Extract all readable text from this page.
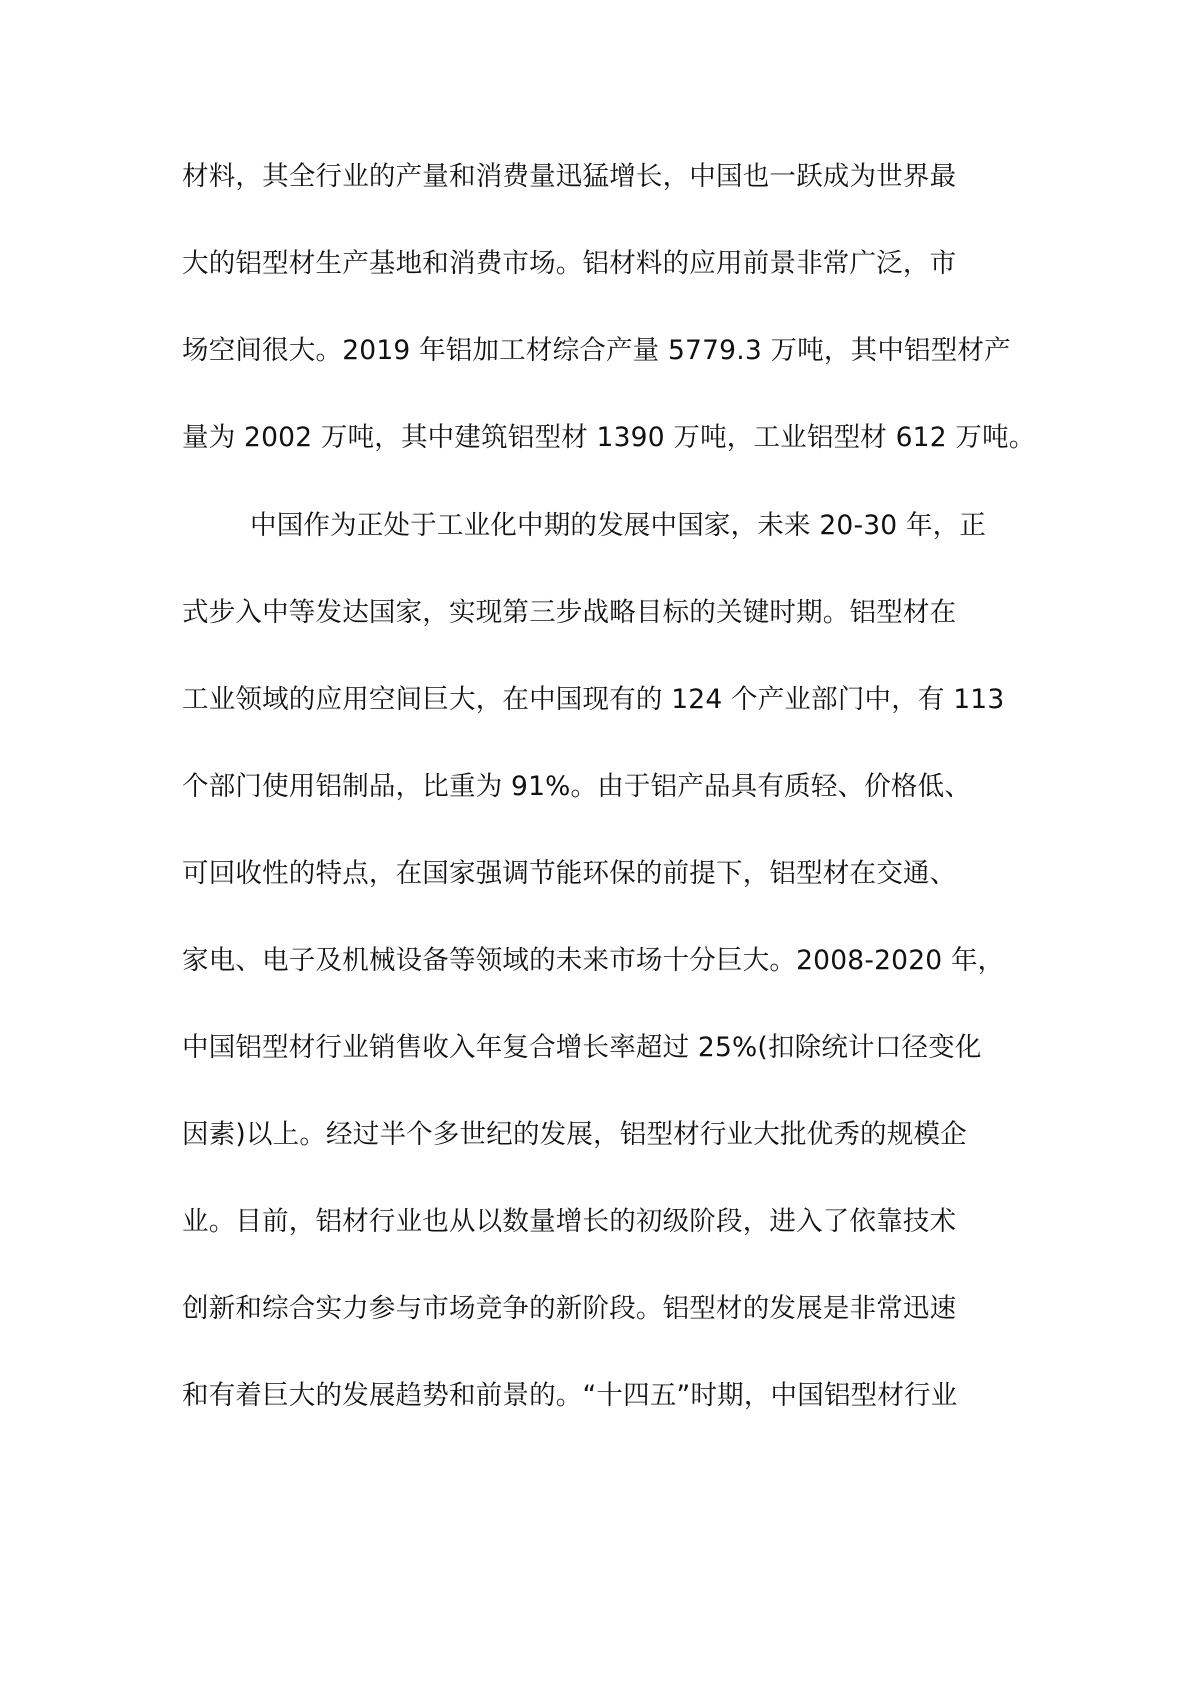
材料，其全行业的产量和消费量迅猛增长，中国也一跃成为世界最
大的铝型材生产基地和消费市场。铝材料的应用前景非常广泛，市
场空间很大。2019 年铝加工材综合产量 5779.3 万吨，其中铝型材产
量为 2002 万吨，其中建筑铝型材 1390 万吨，工业铝型材 612 万吨。
中国作为正处于工业化中期的发展中国家，未来 20-30 年，正
式步入中等发达国家，实现第三步战略目标的关键时期。铝型材在
工业领域的应用空间巨大，在中国现有的 124 个产业部门中，有 113
个部门使用铝制品，比重为 91%。由于铝产品具有质轻、价格低、
可回收性的特点，在国家强调节能环保的前提下，铝型材在交通、
家电、电子及机械设备等领域的未来市场十分巨大。2008-2020 年，
中国铝型材行业销售收入年复合增长率超过 25%(扣除统计口径变化
因素)以上。经过半个多世纪的发展，铝型材行业大批优秀的规模企
业。目前，铝材行业也从以数量增长的初级阶段，进入了依靠技术
创新和综合实力参与市场竞争的新阶段。铝型材的发展是非常迅速
和有着巨大的发展趋势和前景的。“十四五”时期，中国铝型材行业
